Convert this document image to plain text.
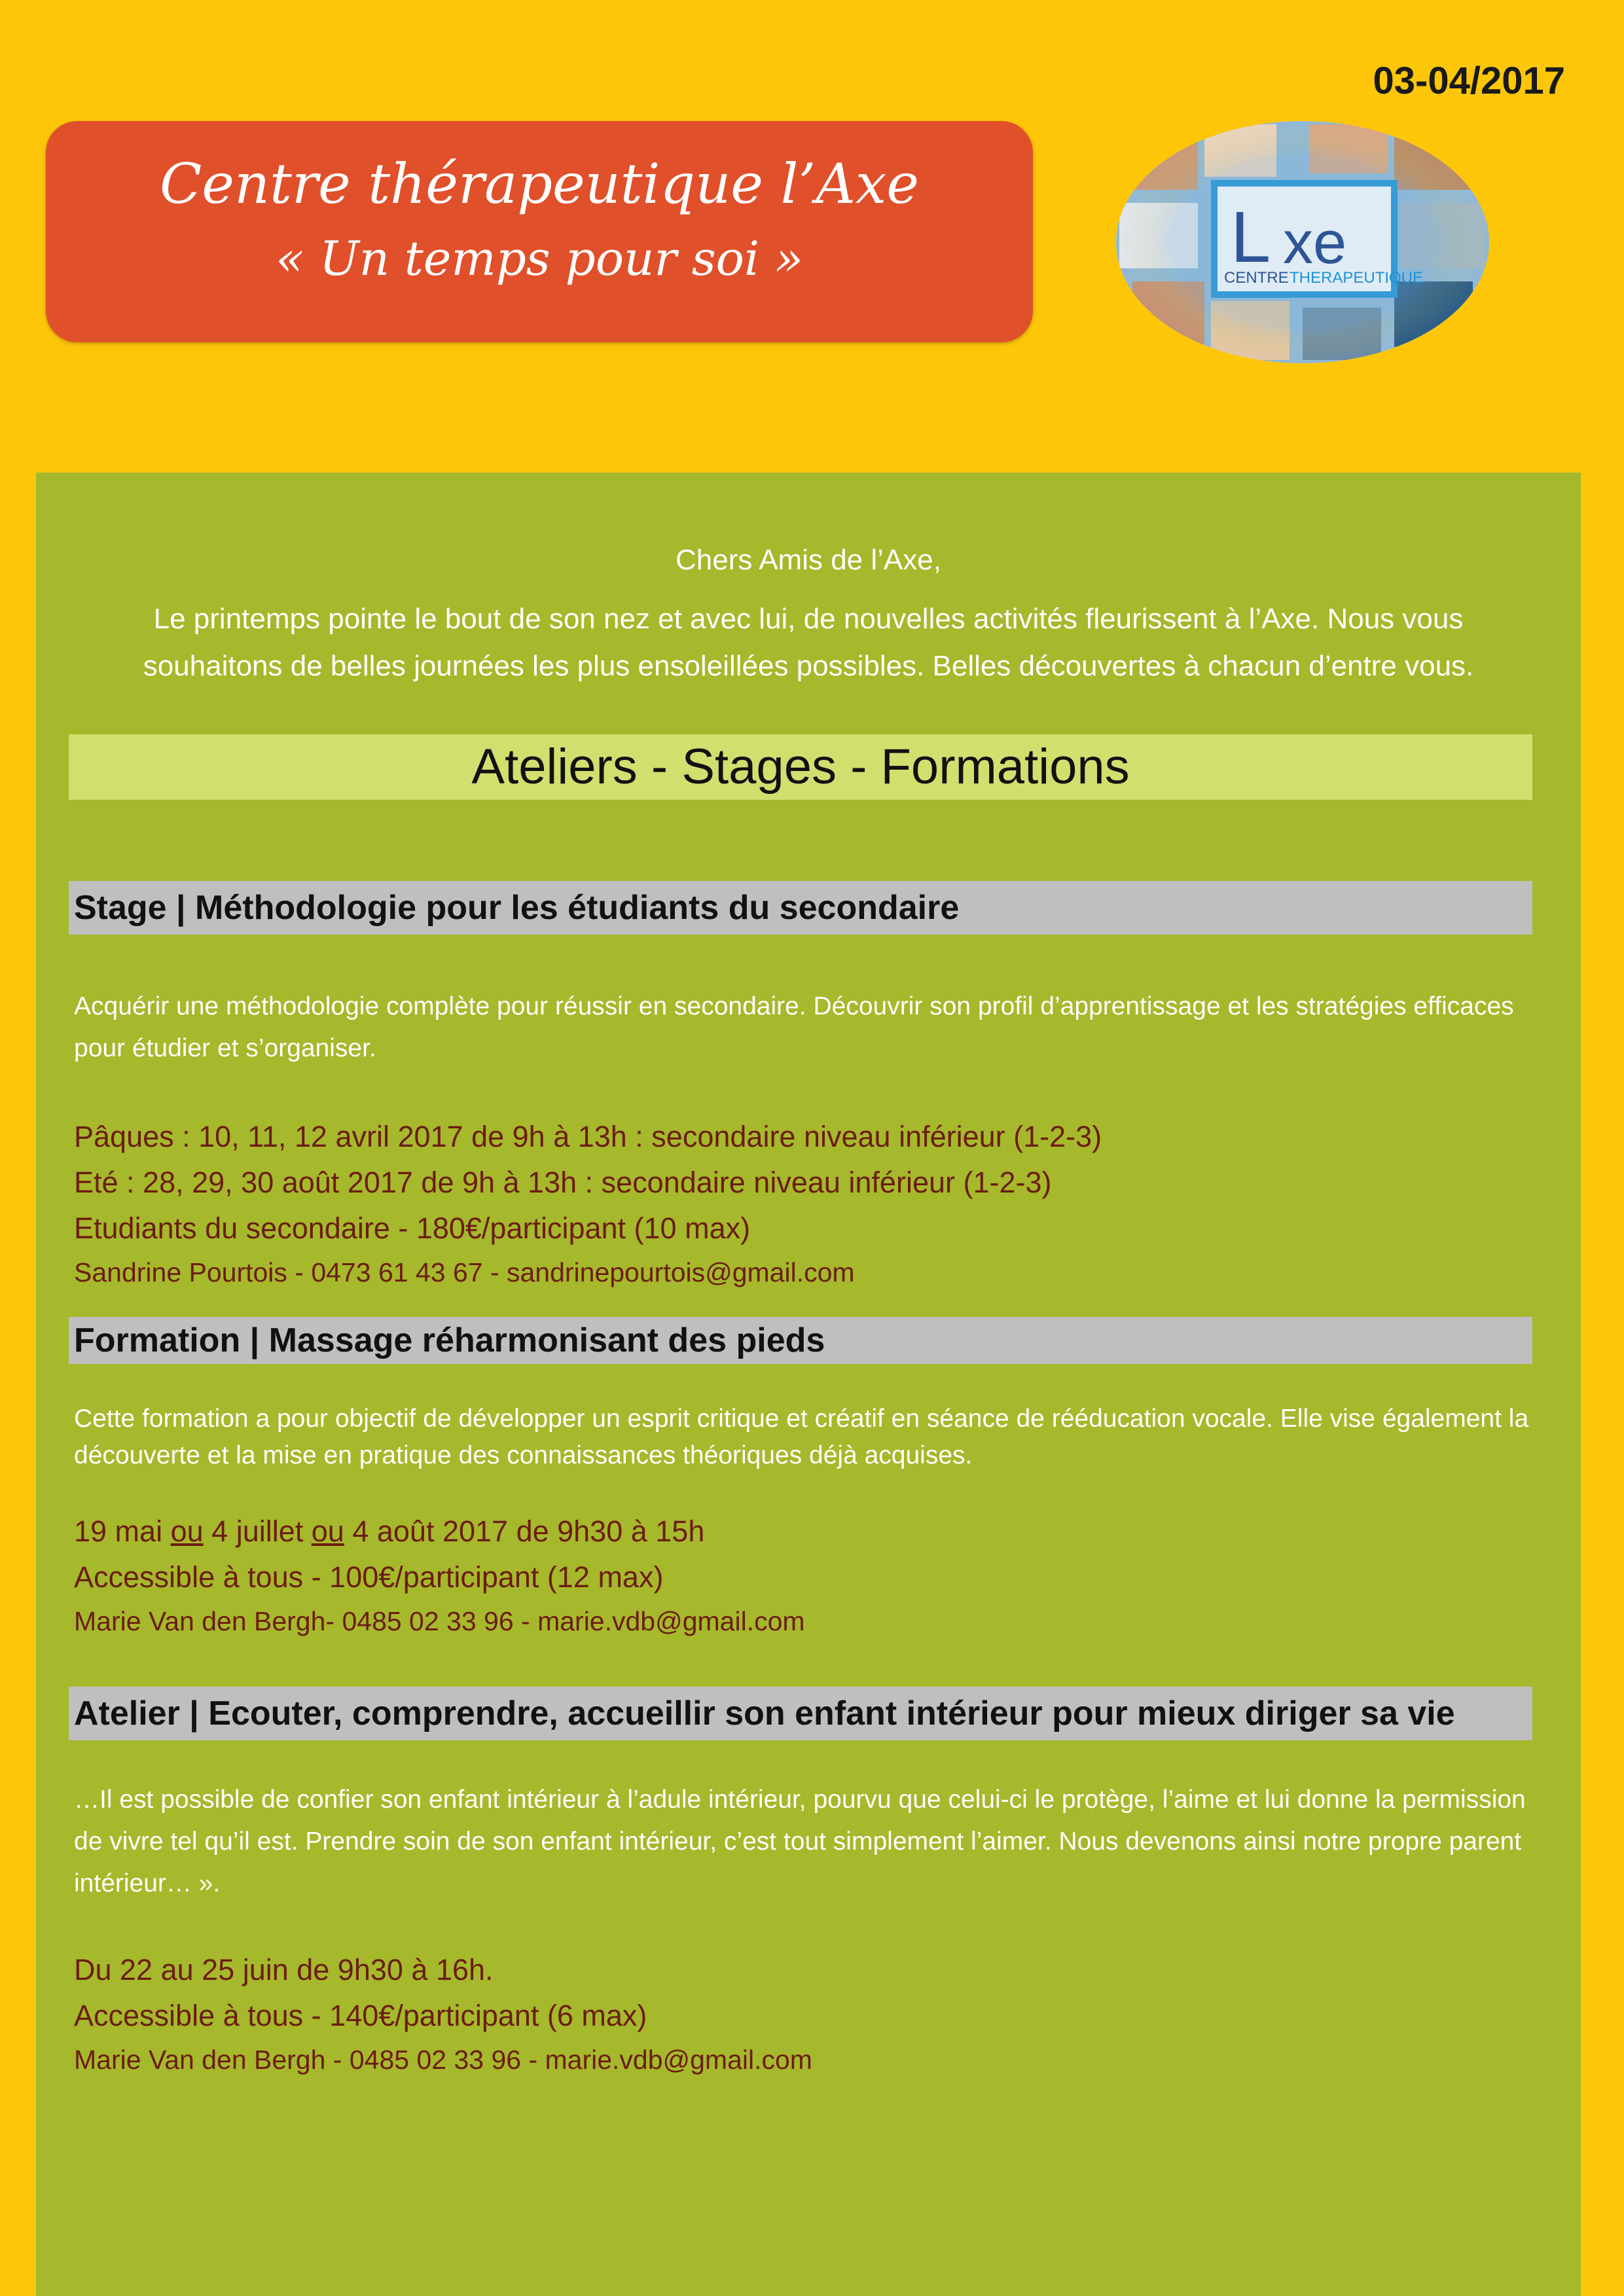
03-04/2017
Centre thérapeutique l’Axe
« Un temps pour soi »	L xe
CENTRE THERAPEUTIQUE
Chers Amis de l’Axe,
Le printemps pointe le bout de son nez et avec lui, de nouvelles activités fleurissent à l’Axe. Nous vous souhaitons de belles journées les plus ensoleillées possibles. Belles découvertes à chacun d’entre vous.
Ateliers - Stages - Formations
Stage | Méthodologie pour les étudiants du secondaire
Acquérir une méthodologie complète pour réussir en secondaire. Découvrir son profil d’apprentissage et les stratégies efficaces pour étudier et s’organiser.
Pâques : 10, 11, 12 avril 2017 de 9h à 13h : secondaire niveau inférieur (1-2-3)
Eté : 28, 29, 30 août 2017 de 9h à 13h : secondaire niveau inférieur (1-2-3)
Etudiants du secondaire - 180€/participant (10 max)
Sandrine Pourtois - 0473 61 43 67 - sandrinepourtois@gmail.com
Formation | Massage réharmonisant des pieds
Cette formation a pour objectif de développer un esprit critique et créatif en séance de rééducation vocale. Elle vise également la découverte et la mise en pratique des connaissances théoriques déjà acquises.
19 mai ou 4 juillet ou 4 août 2017 de 9h30 à 15h
Accessible à tous - 100€/participant (12 max)
Marie Van den Bergh- 0485 02 33 96 - marie.vdb@gmail.com
Atelier | Ecouter, comprendre, accueillir son enfant intérieur pour mieux diriger sa vie
…Il est possible de confier son enfant intérieur à l’adule intérieur, pourvu que celui-ci le protège, l’aime et lui donne la permission de vivre tel qu’il est. Prendre soin de son enfant intérieur, c’est tout simplement l’aimer. Nous devenons ainsi notre propre parent intérieur… ».
Du 22 au 25 juin de 9h30 à 16h.
Accessible à tous - 140€/participant (6 max)
Marie Van den Bergh - 0485 02 33 96 - marie.vdb@gmail.com
